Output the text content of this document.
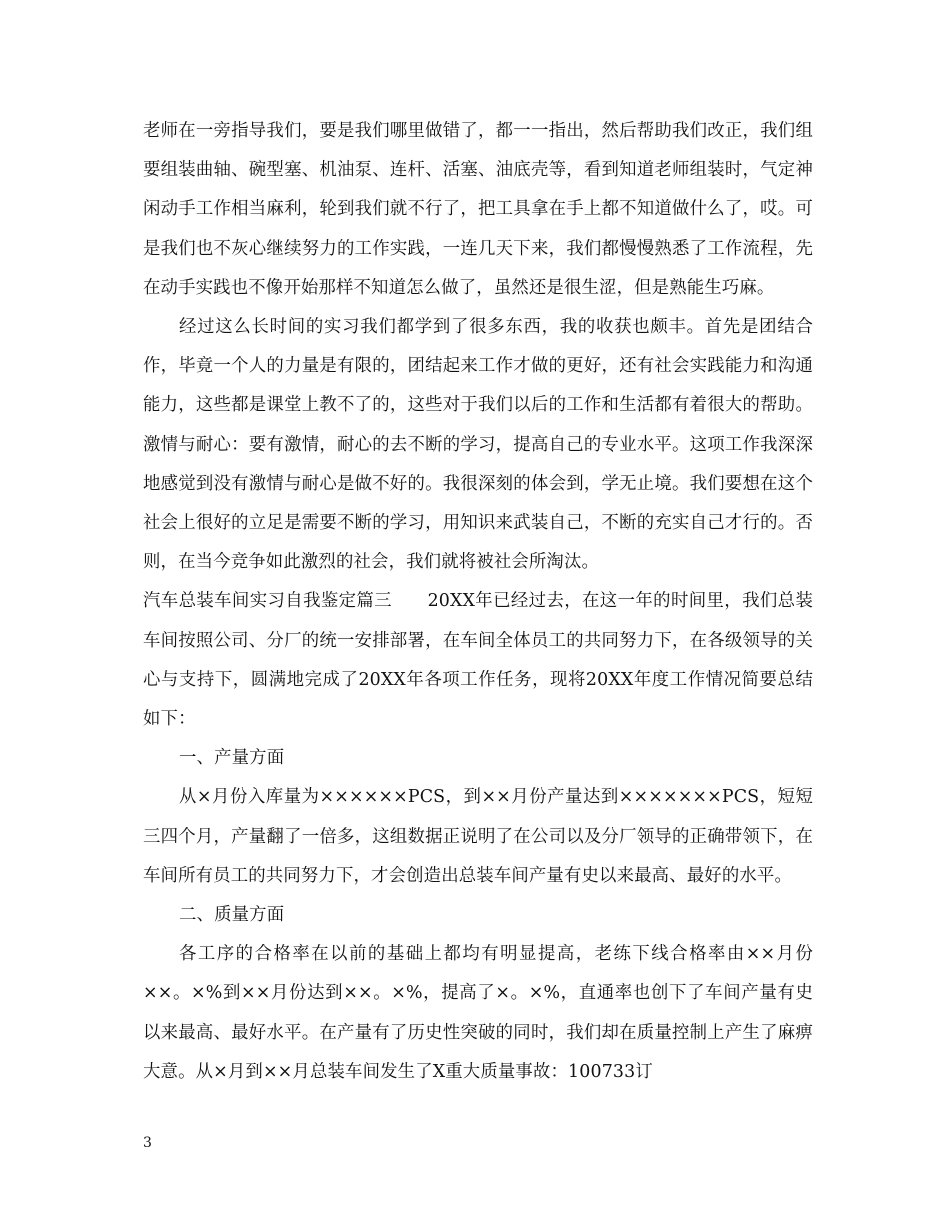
老师在一旁指导我们，要是我们哪里做错了，都一一指出，然后帮助我们改正，我们组要组装曲轴、碗型塞、机油泵、连杆、活塞、油底壳等，看到知道老师组装时，气定神闲动手工作相当麻利，轮到我们就不行了，把工具拿在手上都不知道做什么了，哎。可是我们也不灰心继续努力的工作实践，一连几天下来，我们都慢慢熟悉了工作流程，先在动手实践也不像开始那样不知道怎么做了，虽然还是很生涩，但是熟能生巧麻。

经过这么长时间的实习我们都学到了很多东西，我的收获也颇丰。首先是团结合作，毕竟一个人的力量是有限的，团结起来工作才做的更好，还有社会实践能力和沟通能力，这些都是课堂上教不了的，这些对于我们以后的工作和生活都有着很大的帮助。激情与耐心：要有激情，耐心的去不断的学习，提高自己的专业水平。这项工作我深深地感觉到没有激情与耐心是做不好的。我很深刻的体会到，学无止境。我们要想在这个社会上很好的立足是需要不断的学习，用知识来武装自己，不断的充实自己才行的。否则，在当今竞争如此激烈的社会，我们就将被社会所淘汰。

汽车总装车间实习自我鉴定篇三　　20XX年已经过去，在这一年的时间里，我们总装车间按照公司、分厂的统一安排部署，在车间全体员工的共同努力下，在各级领导的关心与支持下，圆满地完成了20XX年各项工作任务，现将20XX年度工作情况简要总结如下：

一、产量方面

从×月份入库量为××××××PCS，到××月份产量达到×××××××PCS，短短三四个月，产量翻了一倍多，这组数据正说明了在公司以及分厂领导的正确带领下，在车间所有员工的共同努力下，才会创造出总装车间产量有史以来最高、最好的水平。

二、质量方面

各工序的合格率在以前的基础上都均有明显提高，老练下线合格率由××月份××。×%到××月份达到××。×%，提高了×。×%，直通率也创下了车间产量有史以来最高、最好水平。在产量有了历史性突破的同时，我们却在质量控制上产生了麻痹大意。从×月到××月总装车间发生了X重大质量事故：100733订

3
